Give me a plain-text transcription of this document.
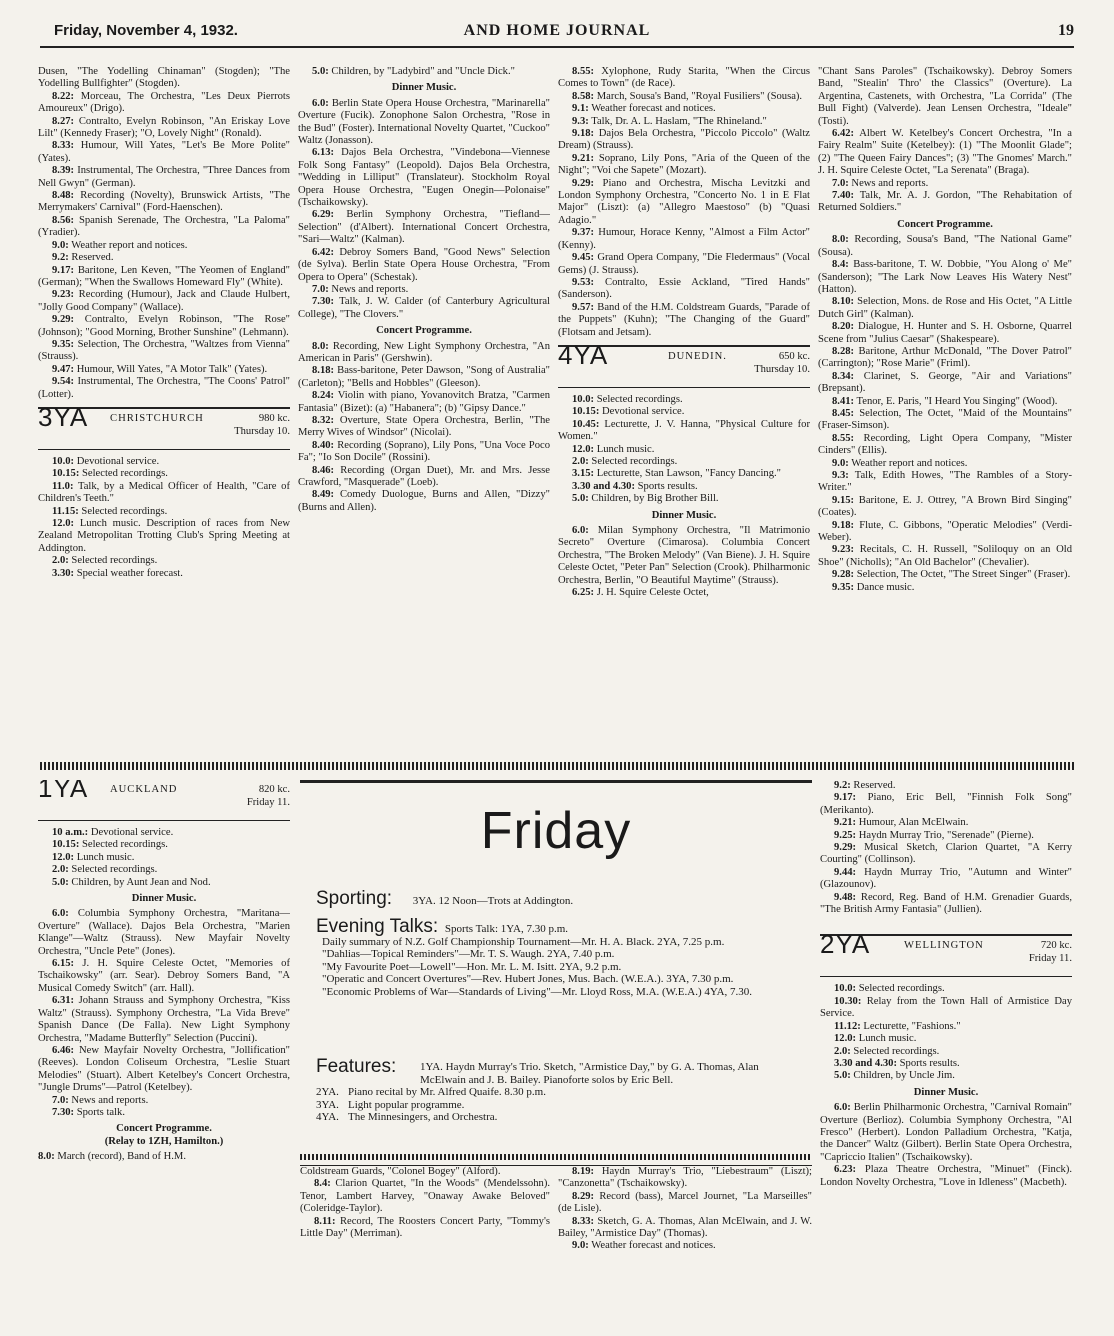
Friday, November 4, 1932.	AND HOME JOURNAL	19

Dusen, "The Yodelling Chinaman" (Stogden); "The Yodelling Bullfighter" (Stogden).

8.22: Morceau, The Orchestra, "Les Deux Pierrots Amoureux" (Drigo).

8.27: Contralto, Evelyn Robinson, "An Eriskay Love Lilt" (Kennedy Fraser); "O, Lovely Night" (Ronald).

8.33: Humour, Will Yates, "Let's Be More Polite" (Yates).

8.39: Instrumental, The Orchestra, "Three Dances from Nell Gwyn" (German).

8.48: Recording (Novelty), Brunswick Artists, "The Merrymakers' Carnival" (Ford-Haenschen).

8.56: Spanish Serenade, The Orchestra, "La Paloma" (Yradier).

9.0: Weather report and notices.

9.2: Reserved.

9.17: Baritone, Len Keven, "The Yeomen of England" (German); "When the Swallows Homeward Fly" (White).

9.23: Recording (Humour), Jack and Claude Hulbert, "Jolly Good Company" (Wallace).

9.29: Contralto, Evelyn Robinson, "The Rose" (Johnson); "Good Morning, Brother Sunshine" (Lehmann).

9.35: Selection, The Orchestra, "Waltzes from Vienna" (Strauss).

9.47: Humour, Will Yates, "A Motor Talk" (Yates).

9.54: Instrumental, The Orchestra, "The Coons' Patrol" (Lotter).

3YA CHRISTCHURCH	980 kc.
Thursday 10.

10.0: Devotional service.

10.15: Selected recordings.

11.0: Talk, by a Medical Officer of Health, "Care of Children's Teeth."

11.15: Selected recordings.

12.0: Lunch music. Description of races from New Zealand Metropolitan Trotting Club's Spring Meeting at Addington.

2.0: Selected recordings.

3.30: Special weather forecast.

5.0: Children, by "Ladybird" and "Uncle Dick."

Dinner Music.

6.0: Berlin State Opera House Orchestra, "Marinarella" Overture (Fucik). Zonophone Salon Orchestra, "Rose in the Bud" (Foster). International Novelty Quartet, "Cuckoo" Waltz (Jonasson).

6.13: Dajos Bela Orchestra, "Vindebona—Viennese Folk Song Fantasy" (Leopold). Dajos Bela Orchestra, "Wedding in Lilliput" (Translateur). Stockholm Royal Opera House Orchestra, "Eugen Onegin—Polonaise" (Tschaikowsky).

6.29: Berlin Symphony Orchestra, "Tiefland—Selection" (d'Albert). International Concert Orchestra, "Sari—Waltz" (Kalman).

6.42: Debroy Somers Band, "Good News" Selection (de Sylva). Berlin State Opera House Orchestra, "From Opera to Opera" (Schestak).

7.0: News and reports.

7.30: Talk, J. W. Calder (of Canterbury Agricultural College), "The Clovers."

Concert Programme.

8.0: Recording, New Light Symphony Orchestra, "An American in Paris" (Gershwin).

8.18: Bass-baritone, Peter Dawson, "Song of Australia" (Carleton); "Bells and Hobbles" (Gleeson).

8.24: Violin with piano, Yovanovitch Bratza, "Carmen Fantasia" (Bizet): (a) "Habanera"; (b) "Gipsy Dance."

8.32: Overture, State Opera Orchestra, Berlin, "The Merry Wives of Windsor" (Nicolai).

8.40: Recording (Soprano), Lily Pons, "Una Voce Poco Fa"; "Io Son Docile" (Rossini).

8.46: Recording (Organ Duet), Mr. and Mrs. Jesse Crawford, "Masquerade" (Loeb).

8.49: Comedy Duologue, Burns and Allen, "Dizzy" (Burns and Allen).

8.55: Xylophone, Rudy Starita, "When the Circus Comes to Town" (de Race).

8.58: March, Sousa's Band, "Royal Fusiliers" (Sousa).

9.1: Weather forecast and notices.

9.3: Talk, Dr. A. L. Haslam, "The Rhineland."

9.18: Dajos Bela Orchestra, "Piccolo Piccolo" (Waltz Dream) (Strauss).

9.21: Soprano, Lily Pons, "Aria of the Queen of the Night"; "Voi che Sapete" (Mozart).

9.29: Piano and Orchestra, Mischa Levitzki and London Symphony Orchestra, "Concerto No. 1 in E Flat Major" (Liszt): (a) "Allegro Maestoso" (b) "Quasi Adagio."

9.37: Humour, Horace Kenny, "Almost a Film Actor" (Kenny).

9.45: Grand Opera Company, "Die Fledermaus" (Vocal Gems) (J. Strauss).

9.53: Contralto, Essie Ackland, "Tired Hands" (Sanderson).

9.57: Band of the H.M. Coldstream Guards, "Parade of the Puppets" (Kuhn); "The Changing of the Guard" (Flotsam and Jetsam).

4YA	DUNEDIN.	650 kc.
Thursday 10.

10.0: Selected recordings.

10.15: Devotional service.

10.45: Lecturette, J. V. Hanna, "Physical Culture for Women."

12.0: Lunch music.

2.0: Selected recordings.

3.15: Lecturette, Stan Lawson, "Fancy Dancing."

3.30 and 4.30: Sports results.

5.0: Children, by Big Brother Bill.

Dinner Music.

6.0: Milan Symphony Orchestra, "Il Matrimonio Secreto" Overture (Cimarosa). Columbia Concert Orchestra, "The Broken Melody" (Van Biene). J. H. Squire Celeste Octet, "Peter Pan" Selection (Crook). Philharmonic Orchestra, Berlin, "O Beautiful Maytime" (Strauss).

6.25: J. H. Squire Celeste Octet,

"Chant Sans Paroles" (Tschaikowsky). Debroy Somers Band, "Stealin' Thro' the Classics" (Overture). La Argentina, Castenets, with Orchestra, "La Corrida" (The Bull Fight) (Valverde). Jean Lensen Orchestra, "Ideale" (Tosti).

6.42: Albert W. Ketelbey's Concert Orchestra, "In a Fairy Realm" Suite (Ketelbey): (1) "The Moonlit Glade"; (2) "The Queen Fairy Dances"; (3) "The Gnomes' March." J. H. Squire Celeste Octet, "La Serenata" (Braga).

7.0: News and reports.

7.40: Talk, Mr. A. J. Gordon, "The Rehabitation of Returned Soldiers."

Concert Programme.

8.0: Recording, Sousa's Band, "The National Game" (Sousa).

8.4: Bass-baritone, T. W. Dobbie, "You Along o' Me" (Sanderson); "The Lark Now Leaves His Watery Nest" (Hatton).

8.10: Selection, Mons. de Rose and His Octet, "A Little Dutch Girl" (Kalman).

8.20: Dialogue, H. Hunter and S. H. Osborne, Quarrel Scene from "Julius Caesar" (Shakespeare).

8.28: Baritone, Arthur McDonald, "The Dover Patrol" (Carrington); "Rose Marie" (Friml).

8.34: Clarinet, S. George, "Air and Variations" (Brepsant).

8.41: Tenor, E. Paris, "I Heard You Singing" (Wood).

8.45: Selection, The Octet, "Maid of the Mountains" (Fraser-Simson).

8.55: Recording, Light Opera Company, "Mister Cinders" (Ellis).

9.0: Weather report and notices.

9.3: Talk, Edith Howes, "The Rambles of a Story-Writer."

9.15: Baritone, E. J. Ottrey, "A Brown Bird Singing" (Coates).

9.18: Flute, C. Gibbons, "Operatic Melodies" (Verdi-Weber).

9.23: Recitals, C. H. Russell, "Soliloquy on an Old Shoe" (Nicholls); "An Old Bachelor" (Chevalier).

9.28: Selection, The Octet, "The Street Singer" (Fraser).

9.35: Dance music.

1YA AUCKLAND	820 kc.
Friday 11.

10 a.m.: Devotional service.

10.15: Selected recordings.

12.0: Lunch music.

2.0: Selected recordings.

5.0: Children, by Aunt Jean and Nod.

Dinner Music.

6.0: Columbia Symphony Orchestra, "Maritana—Overture" (Wallace). Dajos Bela Orchestra, "Marien Klange"—Waltz (Strauss). New Mayfair Novelty Orchestra, "Uncle Pete" (Jones).

6.15: J. H. Squire Celeste Octet, "Memories of Tschaikowsky" (arr. Sear). Debroy Somers Band, "A Musical Comedy Switch" (arr. Hall).

6.31: Johann Strauss and Symphony Orchestra, "Kiss Waltz" (Strauss). Symphony Orchestra, "La Vida Breve" Spanish Dance (De Falla). New Light Symphony Orchestra, "Madame Butterfly" Selection (Puccini).

6.46: New Mayfair Novelty Orchestra, "Jollification" (Reeves). London Coliseum Orchestra, "Leslie Stuart Melodies" (Stuart). Albert Ketelbey's Concert Orchestra, "Jungle Drums"—Patrol (Ketelbey).

7.0: News and reports.

7.30: Sports talk.

Concert Programme.
(Relay to 1ZH, Hamilton.)

8.0: March (record), Band of H.M.

Friday
Sporting: 3YA. 12 Noon—Trots at Addington.
Evening Talks: Sports Talk: 1YA, 7.30 p.m.

Daily summary of N.Z. Golf Championship Tournament—Mr. H. A. Black. 2YA, 7.25 p.m.

"Dahlias—Topical Reminders"—Mr. T. S. Waugh. 2YA, 7.40 p.m.

"My Favourite Poet—Lowell"—Hon. Mr. L. M. Isitt. 2YA, 9.2 p.m.

"Operatic and Concert Overtures"—Rev. Hubert Jones, Mus. Bach. (W.E.A.). 3YA, 7.30 p.m.

"Economic Problems of War—Standards of Living"—Mr. Lloyd Ross, M.A. (W.E.A.) 4YA, 7.30.

Features:	1YA. Haydn Murray's Trio. Sketch, "Armistice Day," by G. A. Thomas, Alan McElwain and J. B. Bailey. Pianoforte solos by Eric Bell.
2YA. Piano recital by Mr. Alfred Quaife. 8.30 p.m.
3YA. Light popular programme.
4YA. The Minnesingers, and Orchestra.

Coldstream Guards, "Colonel Bogey" (Alford).

8.4: Clarion Quartet, "In the Woods" (Mendelssohn). Tenor, Lambert Harvey, "Onaway Awake Beloved" (Coleridge-Taylor).

8.11: Record, The Roosters Concert Party, "Tommy's Little Day" (Merriman).

8.19: Haydn Murray's Trio, "Liebestraum" (Liszt); "Canzonetta" (Tschaikowsky).

8.29: Record (bass), Marcel Journet, "La Marseilles" (de Lisle).

8.33: Sketch, G. A. Thomas, Alan McElwain, and J. W. Bailey, "Armistice Day" (Thomas).

9.0: Weather forecast and notices.

9.2: Reserved.

9.17: Piano, Eric Bell, "Finnish Folk Song" (Merikanto).

9.21: Humour, Alan McElwain.

9.25: Haydn Murray Trio, "Serenade" (Pierne).

9.29: Musical Sketch, Clarion Quartet, "A Kerry Courting" (Collinson).

9.44: Haydn Murray Trio, "Autumn and Winter" (Glazounov).

9.48: Record, Reg. Band of H.M. Grenadier Guards, "The British Army Fantasia" (Jullien).

2YA	WELLINGTON	720 kc.
Friday 11.

10.0: Selected recordings.

10.30: Relay from the Town Hall of Armistice Day Service.

11.12: Lecturette, "Fashions."

12.0: Lunch music.

2.0: Selected recordings.

3.30 and 4.30: Sports results.

5.0: Children, by Uncle Jim.

Dinner Music.

6.0: Berlin Philharmonic Orchestra, "Carnival Romain" Overture (Berlioz). Columbia Symphony Orchestra, "Al Fresco" (Herbert). London Palladium Orchestra, "Katja, the Dancer" Waltz (Gilbert). Berlin State Opera Orchestra, "Capriccio Italien" (Tschaikowsky).

6.23: Plaza Theatre Orchestra, "Minuet" (Finck). London Novelty Orchestra, "Love in Idleness" (Macbeth).
